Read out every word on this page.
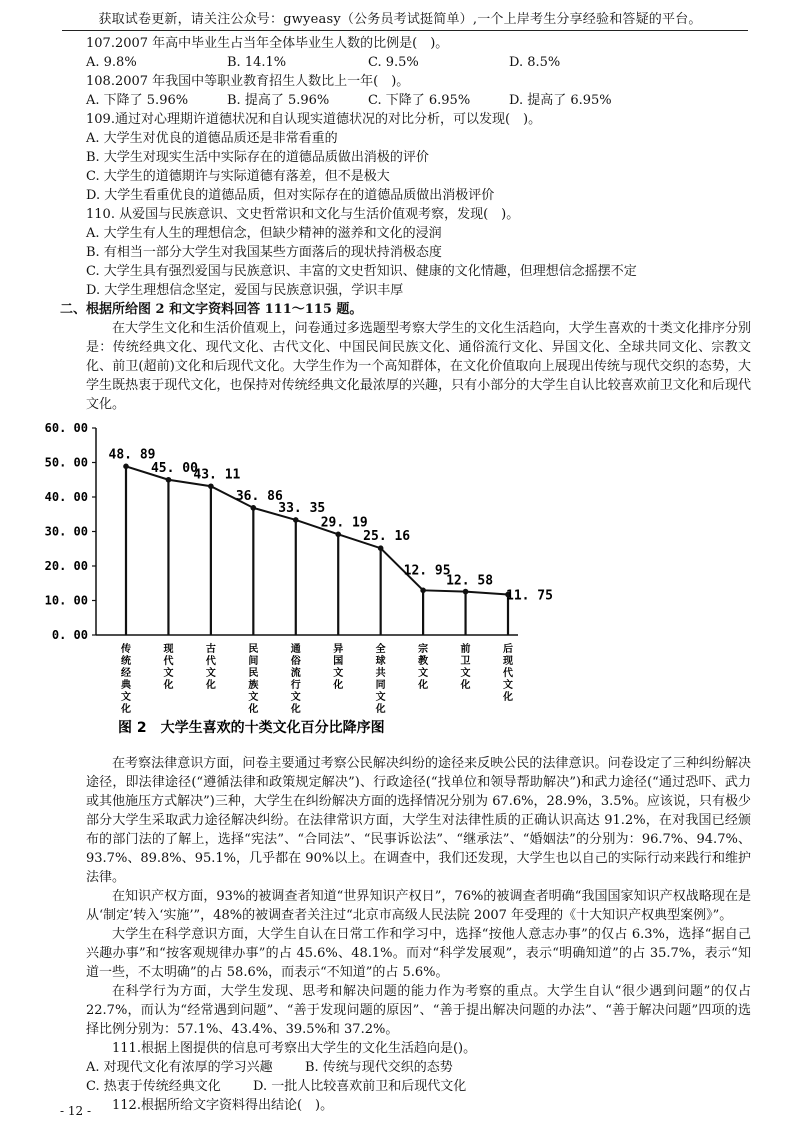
获取试卷更新，请关注公众号：gwyeasy（公务员考试挺简单）,一个上岸考生分享经验和答疑的平台。
107.2007 年高中毕业生占当年全体毕业生人数的比例是(　)。
A. 9.8%	B. 14.1%	C. 9.5%	D. 8.5%
108.2007 年我国中等职业教育招生人数比上一年(　)。
A. 下降了 5.96%	B. 提高了 5.96%	C. 下降了 6.95%	D. 提高了 6.95%
109.通过对心理期许道德状况和自认现实道德状况的对比分析，可以发现(　)。
A. 大学生对优良的道德品质还是非常看重的
B. 大学生对现实生活中实际存在的道德品质做出消极的评价
C. 大学生的道德期许与实际道德有落差，但不是极大
D. 大学生看重优良的道德品质，但对实际存在的道德品质做出消极评价
110. 从爱国与民族意识、文史哲常识和文化与生活价值观考察，发现(　)。
A. 大学生有人生的理想信念，但缺少精神的滋养和文化的浸润
B. 有相当一部分大学生对我国某些方面落后的现状持消极态度
C. 大学生具有强烈爱国与民族意识、丰富的文史哲知识、健康的文化情趣，但理想信念摇摆不定
D. 大学生理想信念坚定，爱国与民族意识强，学识丰厚
二、根据所给图 2 和文字资料回答 111～115 题。
在大学生文化和生活价值观上，问卷通过多选题型考察大学生的文化生活趋向，大学生喜欢的十类文化排序分别是：传统经典文化、现代文化、古代文化、中国民间民族文化、通俗流行文化、异国文化、全球共同文化、宗教文化、前卫(超前)文化和后现代文化。大学生作为一个高知群体，在文化价值取向上展现出传统与现代交织的态势，大学生既热衷于现代文化，也保持对传统经典文化最浓厚的兴趣，只有小部分的大学生自认比较喜欢前卫文化和后现代文化。
60. 00
50. 00
40. 00
30. 00
20. 00
10. 00
0. 00
48. 89
45. 00
43. 11
36. 86
33. 35
29. 19
25. 16
12. 95
12. 58
11. 75
传
统
经
典
文
化
现
代
文
化
古
代
文
化
民
间
民
族
文
化
通
俗
流
行
文
化
异
国
文
化
全
球
共
同
文
化
宗
教
文
化
前
卫
文
化
后
现
代
文
化
图 2　大学生喜欢的十类文化百分比降序图
在考察法律意识方面，问卷主要通过考察公民解决纠纷的途径来反映公民的法律意识。问卷设定了三种纠纷解决途径，即法律途径(“遵循法律和政策规定解决”)、行政途径(“找单位和领导帮助解决”)和武力途径(“通过恐吓、武力或其他施压方式解决”)三种，大学生在纠纷解决方面的选择情况分别为 67.6%，28.9%，3.5%。应该说，只有极少部分大学生采取武力途径解决纠纷。在法律常识方面，大学生对法律性质的正确认识高达 91.2%，在对我国已经颁布的部门法的了解上，选择“宪法”、“合同法”、“民事诉讼法”、“继承法”、“婚姻法”的分别为：96.7%、94.7%、93.7%、89.8%、95.1%，几乎都在 90%以上。在调查中，我们还发现，大学生也以自己的实际行动来践行和维护法律。
在知识产权方面，93%的被调查者知道“世界知识产权日”，76%的被调查者明确“我国国家知识产权战略现在是从‘制定’转入‘实施’”，48%的被调查者关注过“北京市高级人民法院 2007 年受理的《十大知识产权典型案例》”。
大学生在科学意识方面，大学生自认在日常工作和学习中，选择“按他人意志办事”的仅占 6.3%，选择“据自己兴趣办事”和“按客观规律办事”的占 45.6%、48.1%。而对“科学发展观”，表示“明确知道”的占 35.7%，表示“知道一些，不太明确”的占 58.6%，而表示“不知道”的占 5.6%。
在科学行为方面，大学生发现、思考和解决问题的能力作为考察的重点。大学生自认“很少遇到问题”的仅占 22.7%，而认为“经常遇到问题”、“善于发现问题的原因”、“善于提出解决问题的办法”、“善于解决问题”四项的选择比例分别为：57.1%、43.4%、39.5%和 37.2%。
111.根据上图提供的信息可考察出大学生的文化生活趋向是()。
A. 对现代文化有浓厚的学习兴趣 B. 传统与现代交织的态势
C. 热衷于传统经典文化 D. 一批人比较喜欢前卫和后现代文化
112.根据所给文字资料得出结论(　)。
- 12 -
